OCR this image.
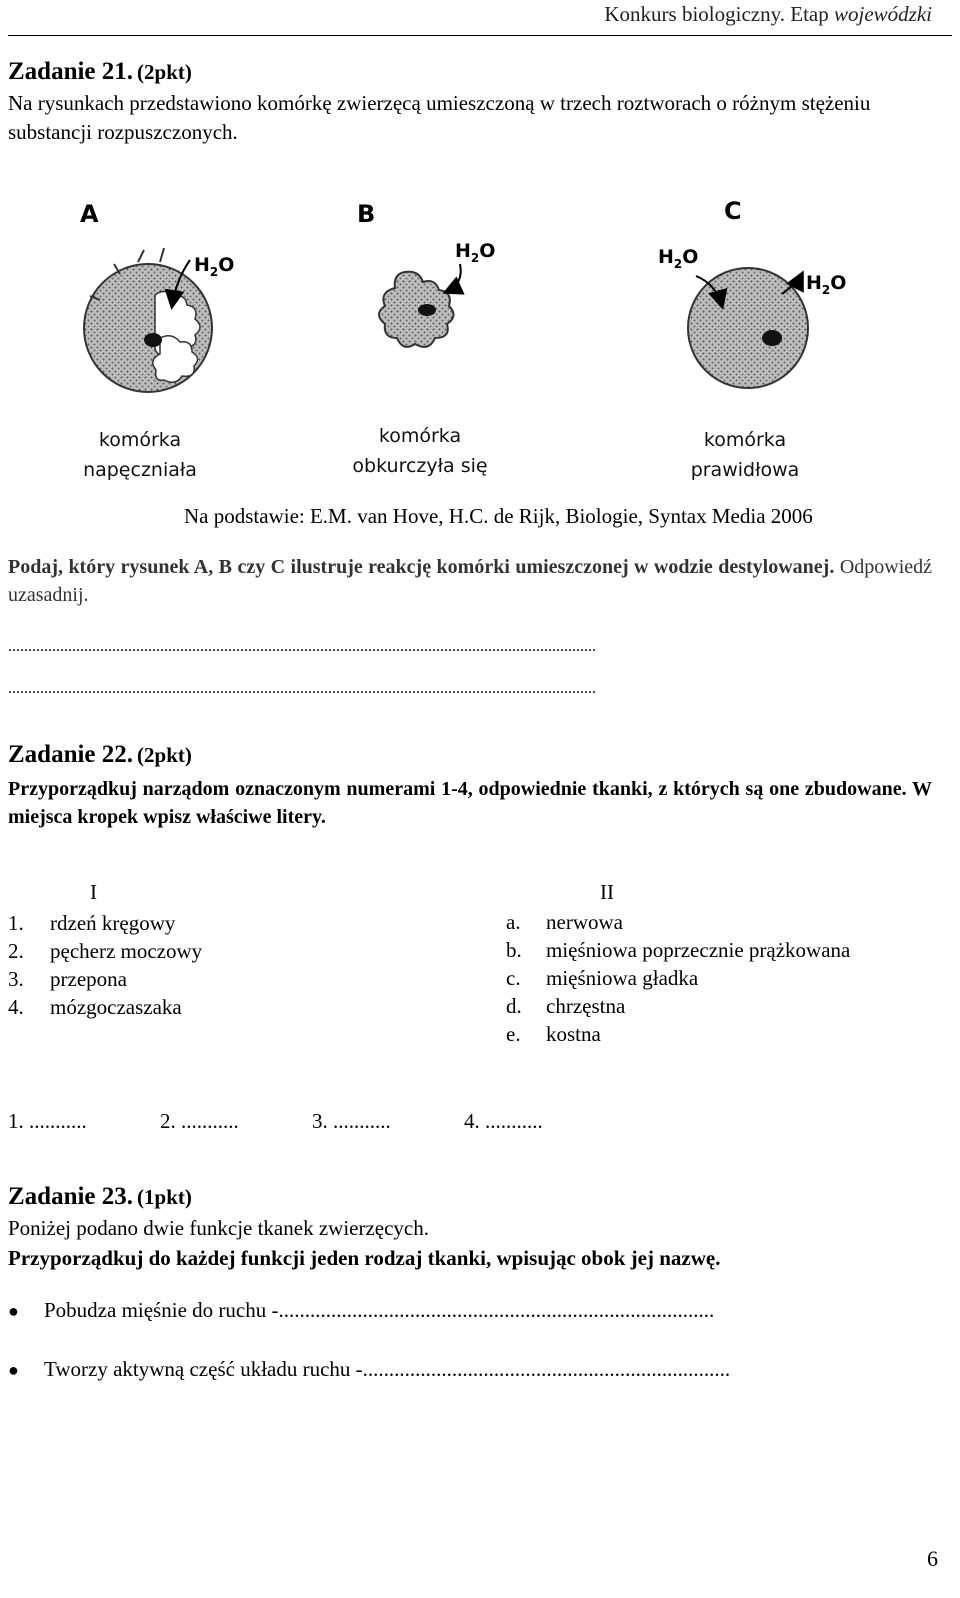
Konkurs biologiczny. Etap wojewódzki
Zadanie 21. (2pkt)
Na rysunkach przedstawiono komórkę zwierzęcą umieszczoną w trzech roztworach o różnym stężeniu substancji rozpuszczonych.
A	B	C
$H_2O$
$H_2O$	$H_2O$
$H_2O$
komórka
napęczniała
komórka
obkurczyła się
komórka
prawidłowa
Na podstawie: E.M. van Hove, H.C. de Rijk, Biologie, Syntax Media 2006
Podaj, który rysunek A, B czy C ilustruje reakcję komórki umieszczonej w wodzie destylowanej. Odpowiedź uzasadnij.
...................................................................................................................................................
...................................................................................................................................................
Zadanie 22. (2pkt)
Przyporządkuj narządom oznaczonym numerami 1-4, odpowiednie tkanki, z których są one zbudowane. W miejsca kropek wpisz właściwe litery.
I	II
1. rdzeń kręgowy
2. pęcherz moczowy
3. przepona
4. mózgoczaszaka
a. nerwowa
b. mięśniowa poprzecznie prążkowana
c. mięśniowa gładka
d. chrzęstna
e. kostna
1. ...........	2. ...........	3. ...........	4. ...........
Zadanie 23. (1pkt)
Poniżej podano dwie funkcje tkanek zwierzęcych.
Przyporządkuj do każdej funkcji jeden rodzaj tkanki, wpisując obok jej nazwę.
● Pobudza mięśnie do ruchu -...................................................................................
● Tworzy aktywną część układu ruchu -......................................................................
6
